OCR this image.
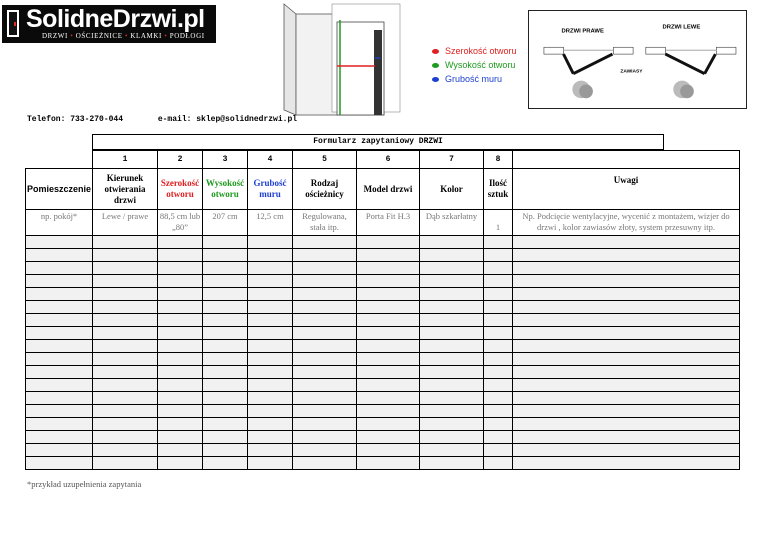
SolidneDrzwi.pl
DRZWI • OŚCIEŻNICE • KLAMKI • PODŁOGI
Szerokość otworu
Wysokość otworu
Grubość muru
DRZWI PRAWE
DRZWI LEWE
ZAWIASY
Telefon: 733-270-044	e-mail: sklep@solidnedrzwi.pl
Formularz zapytaniowy DRZWI
	1	2	3	4	5	6	7	8	
Pomieszczenie	Kierunek otwierania drzwi	Szerokość otworu	Wysokość otworu	Grubość muru	Rodzaj ościeżnicy	Model drzwi	Kolor	Ilość sztuk	Uwagi
np. pokój*	Lewe / prawe	88,5 cm lub „80”	207 cm	12,5 cm	Regulowana, stała itp.	Porta Fit H.3	Dąb szkarłatny	1	Np. Podcięcie wentylacyjne, wycenić z montażem, wizjer do drzwi , kolor zawiasów złoty, system przesuwny itp.

*przykład uzupełnienia zapytania
